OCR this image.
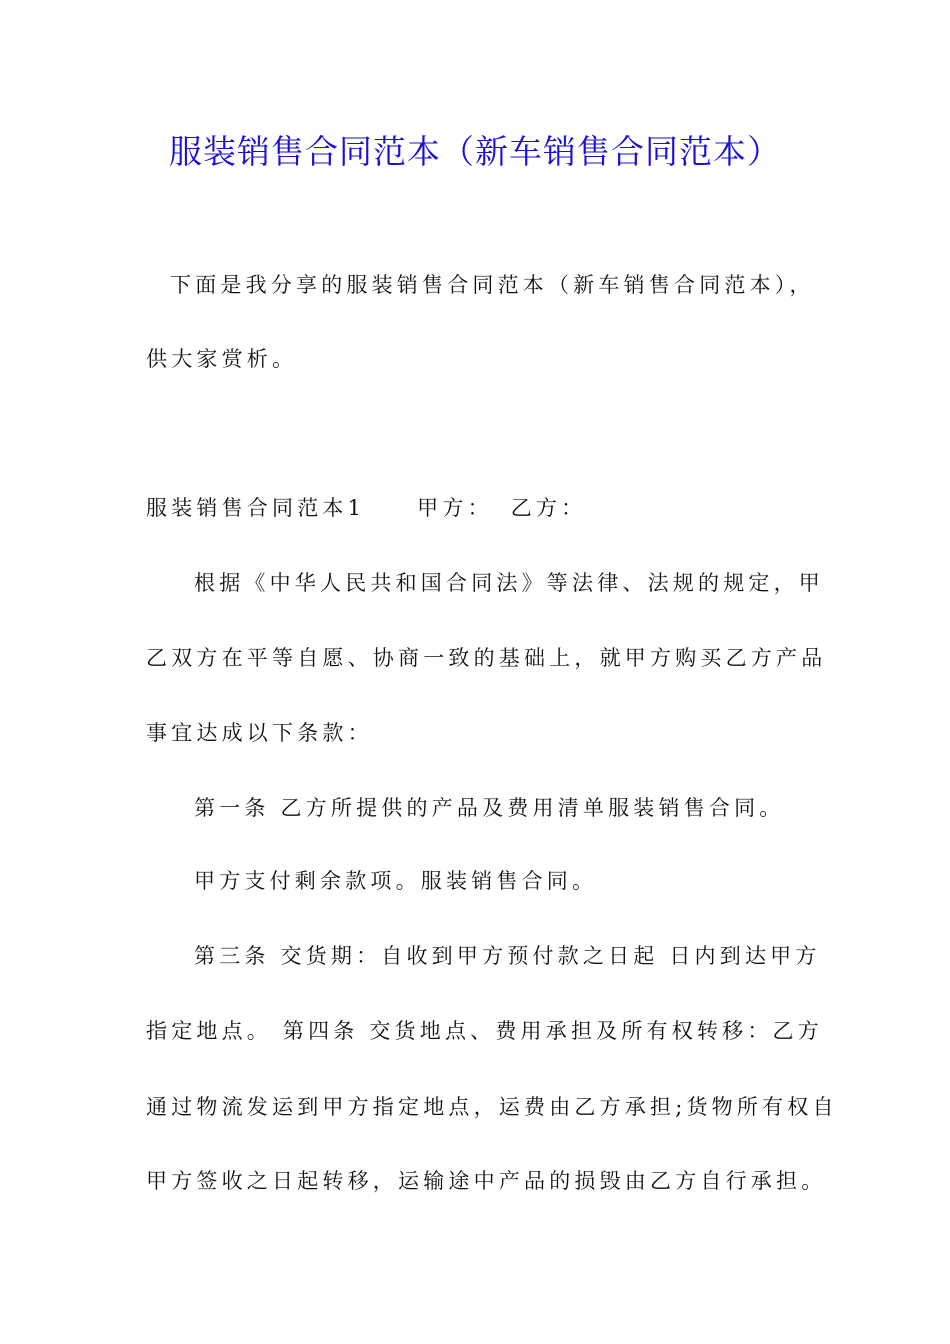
服装销售合同范本（新车销售合同范本）

下面是我分享的服装销售合同范本（新车销售合同范本），

供大家赏析。

服装销售合同范本1 甲方： 乙方：

根据《中华人民共和国合同法》等法律、法规的规定，甲

乙双方在平等自愿、协商一致的基础上，就甲方购买乙方产品

事宜达成以下条款：

第一条 乙方所提供的产品及费用清单服装销售合同。

甲方支付剩余款项。服装销售合同。

第三条 交货期：自收到甲方预付款之日起 日内到达甲方

指定地点。 第四条 交货地点、费用承担及所有权转移：乙方

通过物流发运到甲方指定地点，运费由乙方承担;货物所有权自

甲方签收之日起转移，运输途中产品的损毁由乙方自行承担。
